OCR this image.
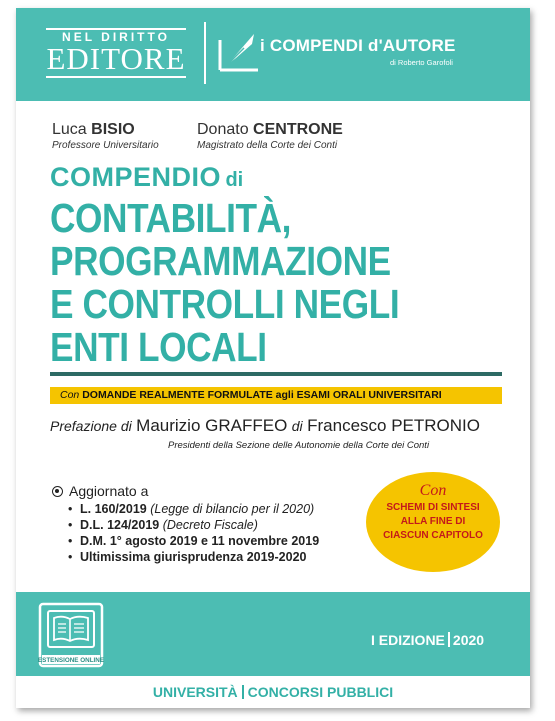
NEL DIRITTO
EDITORE	i COMPENDI d'AUTORE
di Roberto Garofoli
Luca BISIO
Professore Universitario
Donato CENTRONE
Magistrato della Corte dei Conti
COMPENDIO di
CONTABILITÀ,
PROGRAMMAZIONE
E CONTROLLI NEGLI
ENTI LOCALI
Con DOMANDE REALMENTE FORMULATE agli ESAMI ORALI UNIVERSITARI
Prefazione di Maurizio GRAFFEO di Francesco PETRONIO
Presidenti della Sezione delle Autonomie della Corte dei Conti
Aggiornato a
• L. 160/2019 (Legge di bilancio per il 2020)
• D.L. 124/2019 (Decreto Fiscale)
• D.M. 1° agosto 2019 e 11 novembre 2019
• Ultimissima giurisprudenza 2019-2020
Con
SCHEMI DI SINTESI
ALLA FINE DI
CIASCUN CAPITOLO
ESTENSIONE ONLINE
I EDIZIONE 2020
UNIVERSITÀ CONCORSI PUBBLICI
